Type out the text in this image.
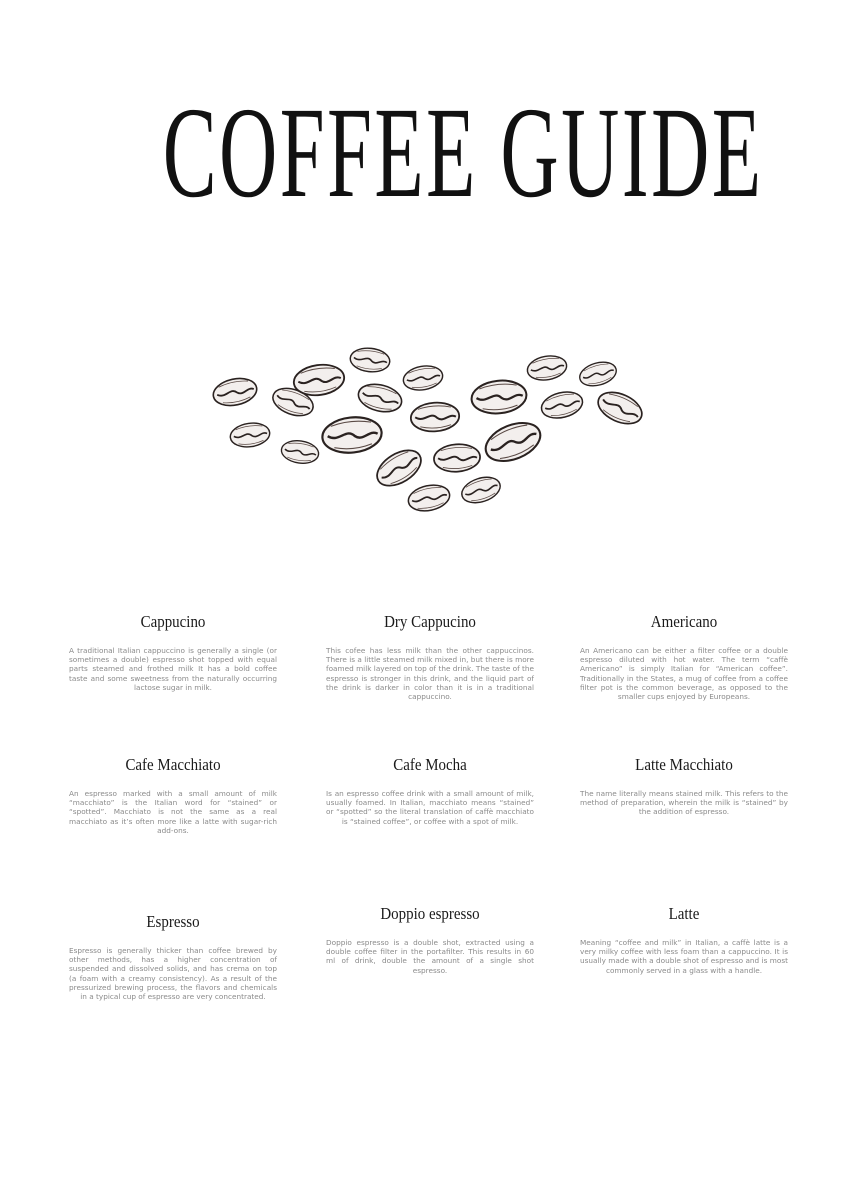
COFFEE GUIDE
Cappucino

A traditional Italian cappuccino is generally a single (or sometimes a double) espresso shot topped with equal parts steamed and frothed milk It has a bold coffee taste and some sweetness from the naturally occurring lactose sugar in milk.

Dry Cappucino

This cofee has less milk than the other cappuccinos. There is a little steamed milk mixed in, but there is more foamed milk layered on top of the drink. The taste of the espresso is stronger in this drink, and the liquid part of the drink is darker in color than it is in a traditional cappuccino.

Americano

An Americano can be either a filter coffee or a double espresso diluted with hot water. The term “caffè Americano” is simply Italian for “American coffee”. Traditionally in the States, a mug of coffee from a coffee filter pot is the common beverage, as opposed to the smaller cups enjoyed by Europeans.

Cafe Macchiato

An espresso marked with a small amount of milk “macchiato” is the Italian word for “stained” or “spotted”. Macchiato is not the same as a real macchiato as it’s often more like a latte with sugar-rich add-ons.

Cafe Mocha

Is an espresso coffee drink with a small amount of milk, usually foamed. In Italian, macchiato means “stained” or “spotted” so the literal translation of caffè macchiato is “stained coffee”, or coffee with a spot of milk.

Latte Macchiato

The name literally means stained milk. This refers to the method of preparation, wherein the milk is “stained” by the addition of espresso.

Espresso

Espresso is generally thicker than coffee brewed by other methods, has a higher concentration of suspended and dissolved solids, and has crema on top (a foam with a creamy consistency). As a result of the pressurized brewing process, the flavors and chemicals in a typical cup of espresso are very concentrated.

Doppio espresso

Doppio espresso is a double shot, extracted using a double coffee filter in the portafilter. This results in 60 ml of drink, double the amount of a single shot espresso.

Latte

Meaning “coffee and milk” in Italian, a caffè latte is a very milky coffee with less foam than a cappuccino. It is usually made with a double shot of espresso and is most commonly served in a glass with a handle.
